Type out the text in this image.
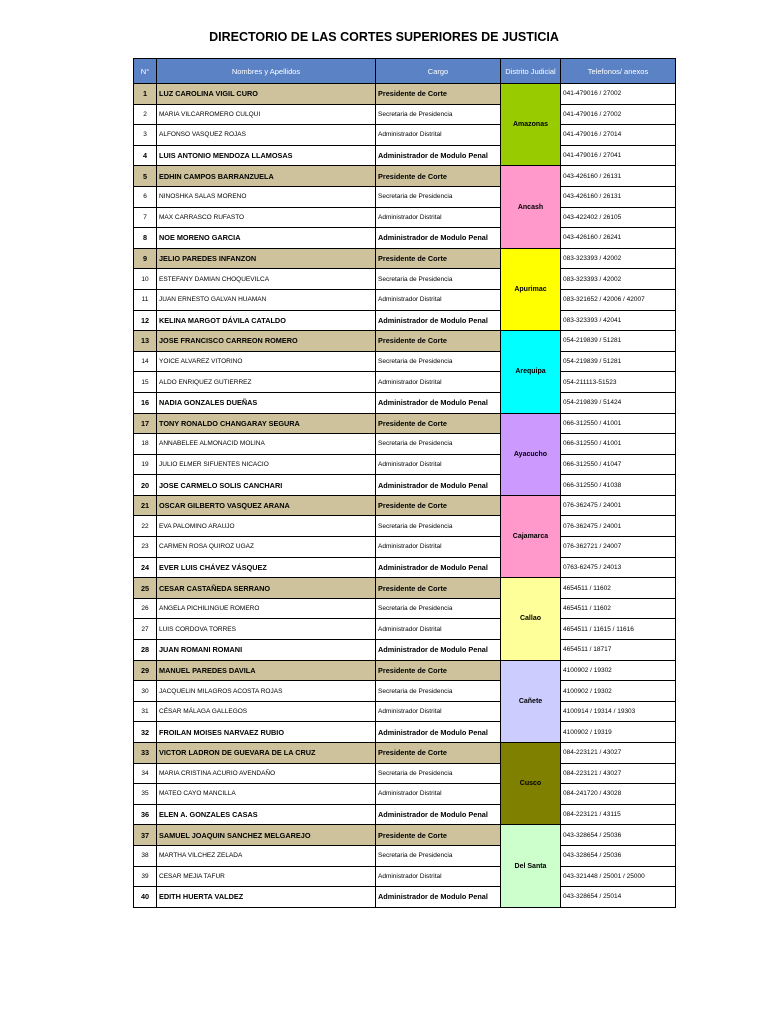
DIRECTORIO DE LAS CORTES SUPERIORES DE JUSTICIA
N°	Nombres y Apellidos	Cargo	Distrito Judicial	Telefonos/ anexos
1	LUZ CAROLINA VIGIL CURO	Presidente de Corte	Amazonas	041-479016 / 27002
2	MARIA VILCARROMERO CULQUI	Secretaria de Presidencia		041-479016 / 27002
3	ALFONSO VASQUEZ ROJAS	Administrador Distrital		041-479016 / 27014
4	LUIS ANTONIO MENDOZA LLAMOSAS	Administrador de Modulo Penal		041-479016 / 27041
5	EDHIN CAMPOS BARRANZUELA	Presidente de Corte	Ancash	043-426160 / 26131
6	NINOSHKA SALAS MORENO	Secretaria de Presidencia		043-426160 / 26131
7	MAX CARRASCO RUFASTO	Administrador Distrital		043-422402 / 26105
8	NOE MORENO GARCIA	Administrador de Modulo Penal		043-426160 / 26241
9	JELIO PAREDES INFANZON	Presidente de Corte	Apurimac	083-323393 / 42002
10	ESTEFANY DAMIAN CHOQUEVILCA	Secretaria de Presidencia		083-323393 / 42002
11	JUAN ERNESTO GALVAN HUAMAN	Administrador Distrital		083-321652 / 42006 / 42007
12	KELINA MARGOT DÁVILA CATALDO	Administrador de Modulo Penal		083-323393 / 42041
13	JOSE FRANCISCO CARREON ROMERO	Presidente de Corte	Arequipa	054-219839 / 51281
14	YOICE ALVAREZ VITORINO	Secretaria de Presidencia		054-219839 / 51281
15	ALDO ENRIQUEZ GUTIERREZ	Administrador Distrital		054-211113-51523
16	NADIA GONZALES DUEÑAS	Administrador de Modulo Penal		054-219839 / 51424
17	TONY RONALDO CHANGARAY SEGURA	Presidente de Corte	Ayacucho	066-312550 / 41001
18	ANNABELEE ALMONACID MOLINA	Secretaria de Presidencia		066-312550 / 41001
19	JULIO ELMER SIFUENTES NICACIO	Administrador Distrital		066-312550 / 41047
20	JOSE CARMELO SOLIS CANCHARI	Administrador de Modulo Penal		066-312550 / 41038
21	OSCAR GILBERTO VASQUEZ ARANA	Presidente de Corte	Cajamarca	076-362475 / 24001
22	EVA PALOMINO ARAUJO	Secretaria de Presidencia		076-362475 / 24001
23	CARMEN ROSA QUIROZ UGAZ	Administrador Distrital		076-362721 / 24007
24	EVER LUIS CHÁVEZ VÁSQUEZ	Administrador de Modulo Penal		0763-62475 / 24013
25	CESAR CASTAÑEDA SERRANO	Presidente de Corte	Callao	4654511 / 11602
26	ANGELA PICHILINGUE ROMERO	Secretaria de Presidencia		4654511 / 11602
27	LUIS CORDOVA TORRES	Administrador Distrital		4654511 / 11615 / 11616
28	JUAN ROMANI ROMANI	Administrador de Modulo Penal		4654511 / 18717
29	MANUEL PAREDES DAVILA	Presidente de Corte	Cañete	4100902 / 19302
30	JACQUELIN MILAGROS ACOSTA ROJAS	Secretaria de Presidencia		4100902 / 19302
31	CÉSAR MÁLAGA GALLEGOS	Administrador Distrital		4100914 / 19314 / 19303
32	FROILAN MOISES NARVAEZ RUBIO	Administrador de Modulo Penal		4100902 / 19319
33	VICTOR LADRON DE GUEVARA DE LA CRUZ	Presidente de Corte	Cusco	084-223121 / 43027
34	MARIA CRISTINA ACURIO AVENDAÑO	Secretaria de Presidencia		084-223121 / 43027
35	MATEO CAYO MANCILLA	Administrador Distrital		084-241720 / 43028
36	ELEN A. GONZALES CASAS	Administrador de Modulo Penal		084-223121 / 43115
37	SAMUEL JOAQUIN SANCHEZ MELGAREJO	Presidente de Corte	Del Santa	043-328654 / 25036
38	MARTHA VILCHEZ ZELADA	Secretaria de Presidencia		043-328654 / 25036
39	CESAR MEJIA TAFUR	Administrador Distrital		043-321448 / 25001 / 25000
40	EDITH HUERTA VALDEZ	Administrador de Modulo Penal		043-328654 / 25014
